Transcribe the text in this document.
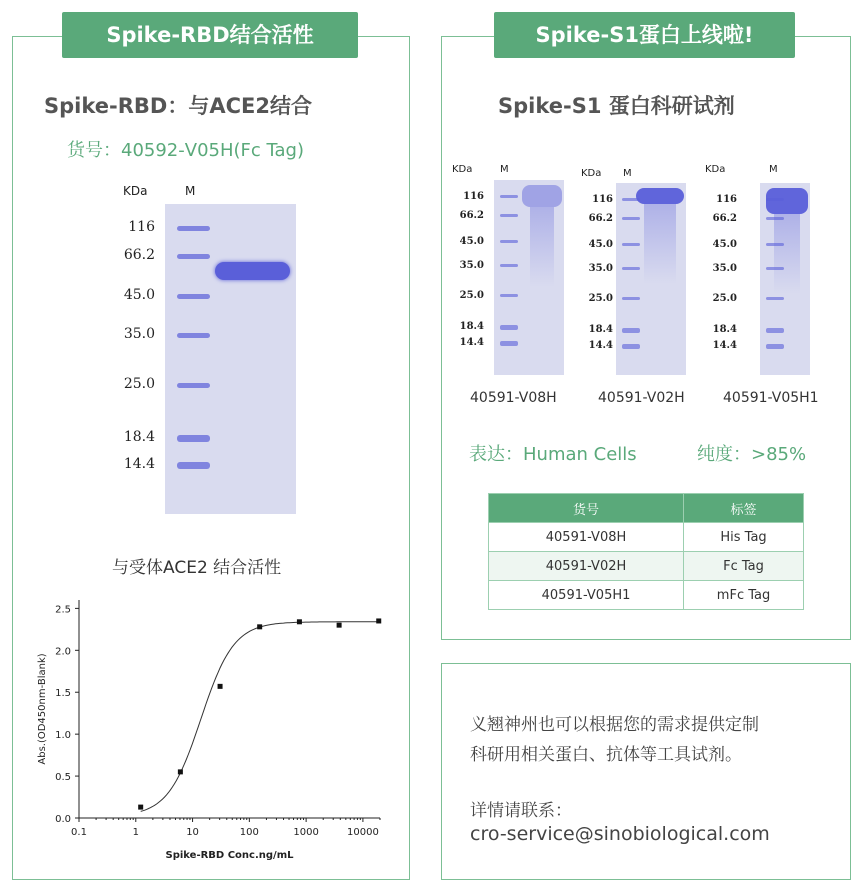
Spike-RBD结合活性
Spike-RBD：与ACE2结合
货号：40592-V05H(Fc Tag)
KDa	M
116
66.2
45.0
35.0
25.0
18.4
14.4
与受体ACE2 结合活性
0.0
0.5
1.0
1.5
2.0
2.5
0.1	1	10	100	1000	10000
Spike-RBD Conc.ng/mL
Abs.(OD450nm-Blank)
Spike-S1蛋白上线啦!
Spike-S1 蛋白科研试剂
KDa	M
116
66.2
45.0
35.0
25.0
18.4
14.4
40591-V08H
KDa M
116
66.2
45.0
35.0
25.0
18.4
14.4
40591-V02H
KDa	M
116
66.2
45.0
35.0
25.0
18.4
14.4
40591-V05H1
表达：Human Cells	纯度：>85%
货号	标签
40591-V08H	His Tag
40591-V02H	Fc Tag
40591-V05H1	mFc Tag
义翘神州也可以根据您的需求提供定制
科研用相关蛋白、抗体等工具试剂。
详情请联系：
cro-service@sinobiological.com
